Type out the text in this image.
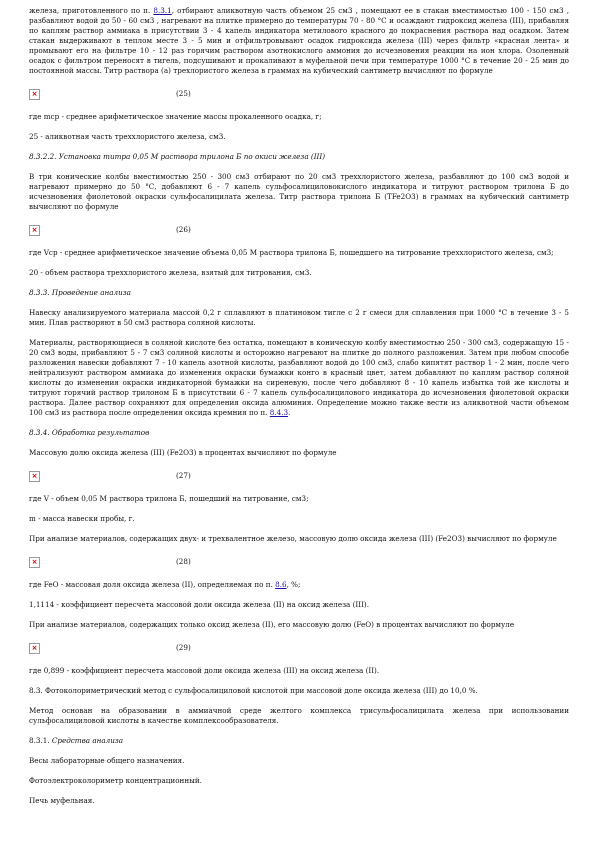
железа, приготовленного по п. 8.3.1, отбирают аликвотную часть объемом 25 см3 , помещают ее в стакан вместимостью 100 - 150 см3 , разбавляют водой до 50 - 60 см3 , нагревают на плитке примерно до температуры 70 - 80 °С и осаждают гидроксид железа (III), прибавляя по каплям раствор аммиака в присутствии 3 - 4 капель индикатора метилового красного до покраснения раствора над осадком. Затем стакан выдерживают в теплом месте 3 - 5 мин и отфильтровывают осадок гидроксида железа (III) через фильтр «красная лента» и промывают его на фильтре 10 - 12 раз горячим раствором азотнокислого аммония до исчезновения реакции на ион хлора. Озоленный осадок с фильтром переносят в тигель, подсушивают и прокаливают в муфельной печи при температуре 1000 °С в течение 20 - 25 мин до постоянной массы. Титр раствора (а) трехлористого железа в граммах на кубический сантиметр вычисляют по формуле

×	(25)

где mср - среднее арифметическое значение массы прокаленного осадка, г;

25 - аликвотная часть треххлористого железа, см3.

8.3.2.2. Установка титра 0,05 М раствора трилона Б по окиси железа (III)

В три конические колбы вместимостью 250 - 300 см3 отбирают по 20 см3 треххлористого железа, разбавляют до 100 см3 водой и нагревают примерно до 50 °С, добавляют 6 - 7 капель сульфосалициловокислого индикатора и титруют раствором трилона Б до исчезновения фиолетовой окраски сульфосалицилата железа. Титр раствора трилона Б (TFe2O3) в граммах на кубический сантиметр вычисляют по формуле

×	(26)

где Vср - среднее арифметическое значение объема 0,05 М раствора трилона Б, пошедшего на титрование треххлористого железа, см3;

20 - объем раствора треххлористого железа, взятый для титрования, см3.

8.3.3. Проведение анализа

Навеску анализируемого материала массой 0,2 г сплавляют в платиновом тигле с 2 г смеси для сплавления при 1000 °С в течение 3 - 5 мин. Плав растворяют в 50 см3 раствора соляной кислоты.

Материалы, растворяющиеся в соляной кислоте без остатка, помещают в коническую колбу вместимостью 250 - 300 см3, содержащую 15 - 20 см3 воды, прибавляют 5 - 7 см3 соляной кислоты и осторожно нагревают на плитке до полного разложения. Затем при любом способе разложения навески добавляют 7 - 10 капель азотной кислоты, разбавляют водой до 100 см3, слабо кипятят раствор 1 - 2 мин, после чего нейтрализуют раствором аммиака до изменения окраски бумажки конго в красный цвет, затем добавляют по каплям раствор соляной кислоты до изменения окраски индикаторной бумажки на сиреневую, после чего добавляют 8 - 10 капель избытка той же кислоты и титруют горячий раствор трилоном Б в присутствии 6 - 7 капель сульфосалицилового индикатора до исчезновения фиолетовой окраски раствора. Далее раствор сохраняют для определения оксида алюминия. Определение можно также вести из аликвотной части объемом 100 см3 из раствора после определения оксида кремния по п. 8.4.3.

8.3.4. Обработка результатов

Массовую долю оксида железа (III) (Fe2O3) в процентах вычисляют по формуле

×	(27)

где V - объем 0,05 М раствора трилона Б, пошедший на титрование, см3;

m - масса навески пробы, г.

При анализе материалов, содержащих двух- и трехвалентное железо, массовую долю оксида железа (III) (Fe2O3) вычисляют по формуле

×	(28)

где FeO - массовая доля оксида железа (II), определяемая по п. 8.6, %;

1,1114 - коэффициент пересчета массовой доли оксида железа (II) на оксид железа (III).

При анализе материалов, содержащих только оксид железа (II), его массовую долю (FeO) в процентах вычисляют по формуле

×	(29)

где 0,899 - коэффициент пересчета массовой доли оксида железа (III) на оксид железа (II).

8.3. Фотоколориметрический метод с сульфосалициловой кислотой при массовой доле оксида железа (III) до 10,0 %.

Метод основан на образовании в аммиачной среде желтого комплекса трисульфосалицилата железа при использовании сульфосалициловой кислоты в качестве комплексообразователя.

8.3.1. Средства анализа

Весы лабораторные общего назначения.

Фотоэлектроколориметр концентрационный.

Печь муфельная.
